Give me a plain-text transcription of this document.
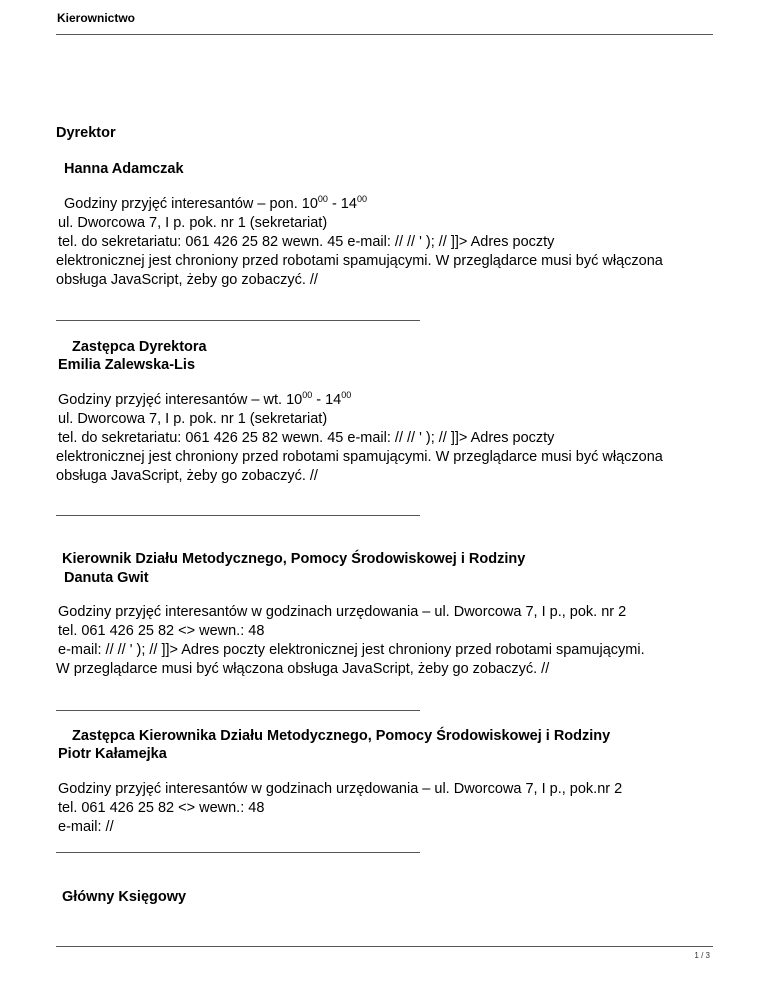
Kierownictwo
Dyrektor
Hanna Adamczak
Godziny przyjęć interesantów – pon. $10^{00} - 14^{00}$
ul. Dworcowa 7, I p. pok. nr 1 (sekretariat)
tel. do sekretariatu: 061 426 25 82 wewn. 45 e-mail: // // ' ); // ]]> Adres poczty
elektronicznej jest chroniony przed robotami spamującymi. W przeglądarce musi być włączona
obsługa JavaScript, żeby go zobaczyć. //
Zastępca Dyrektora
Emilia Zalewska-Lis
Godziny przyjęć interesantów – wt. $10^{00} - 14^{00}$
ul. Dworcowa 7, I p. pok. nr 1 (sekretariat)
tel. do sekretariatu: 061 426 25 82 wewn. 45 e-mail: // // ' ); // ]]> Adres poczty
elektronicznej jest chroniony przed robotami spamującymi. W przeglądarce musi być włączona
obsługa JavaScript, żeby go zobaczyć. //
Kierownik Działu Metodycznego, Pomocy Środowiskowej i Rodziny
Danuta Gwit
Godziny przyjęć interesantów w godzinach urzędowania – ul. Dworcowa 7, I p., pok. nr 2
tel. 061 426 25 82 <> wewn.: 48
e-mail: // // ' ); // ]]> Adres poczty elektronicznej jest chroniony przed robotami spamującymi.
W przeglądarce musi być włączona obsługa JavaScript, żeby go zobaczyć. //
Zastępca Kierownika Działu Metodycznego, Pomocy Środowiskowej i Rodziny
Piotr Kałamejka
Godziny przyjęć interesantów w godzinach urzędowania – ul. Dworcowa 7, I p., pok.nr 2
tel. 061 426 25 82 <> wewn.: 48
e-mail: //
Główny Księgowy
1 / 3
